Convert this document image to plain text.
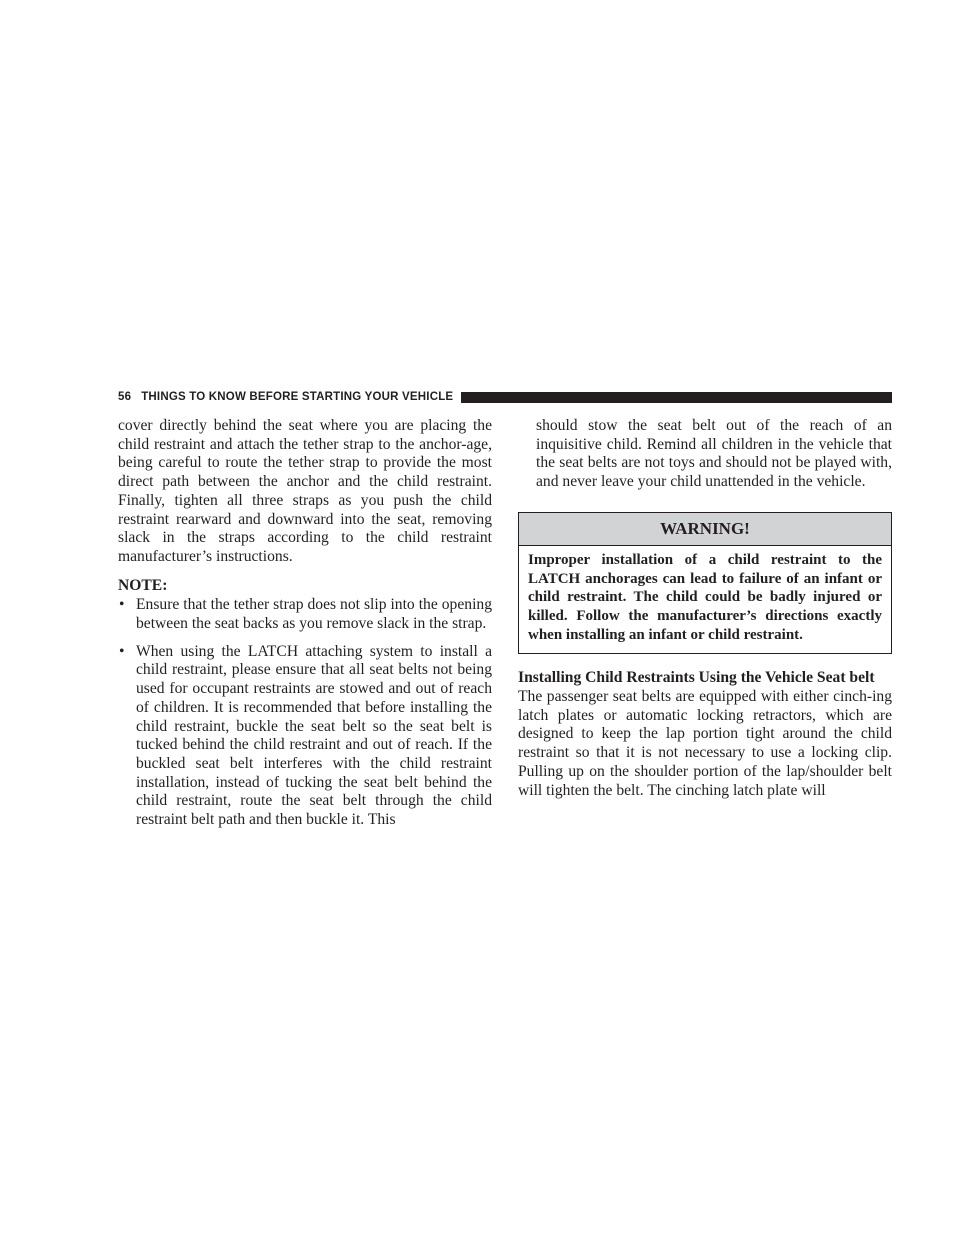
56 THINGS TO KNOW BEFORE STARTING YOUR VEHICLE

cover directly behind the seat where you are placing the child restraint and attach the tether strap to the anchor-age, being careful to route the tether strap to provide the most direct path between the anchor and the child restraint. Finally, tighten all three straps as you push the child restraint rearward and downward into the seat, removing slack in the straps according to the child restraint manufacturer’s instructions.

NOTE:

• Ensure that the tether strap does not slip into the opening between the seat backs as you remove slack in the strap.
• When using the LATCH attaching system to install a child restraint, please ensure that all seat belts not being used for occupant restraints are stowed and out of reach of children. It is recommended that before installing the child restraint, buckle the seat belt so the seat belt is tucked behind the child restraint and out of reach. If the buckled seat belt interferes with the child restraint installation, instead of tucking the seat belt behind the child restraint, route the seat belt through the child restraint belt path and then buckle it. This

should stow the seat belt out of the reach of an inquisitive child. Remind all children in the vehicle that the seat belts are not toys and should not be played with, and never leave your child unattended in the vehicle.

WARNING!
Improper installation of a child restraint to the LATCH anchorages can lead to failure of an infant or child restraint. The child could be badly injured or killed. Follow the manufacturer’s directions exactly when installing an infant or child restraint.

Installing Child Restraints Using the Vehicle Seat belt

The passenger seat belts are equipped with either cinch-ing latch plates or automatic locking retractors, which are designed to keep the lap portion tight around the child restraint so that it is not necessary to use a locking clip. Pulling up on the shoulder portion of the lap/shoulder belt will tighten the belt. The cinching latch plate will
